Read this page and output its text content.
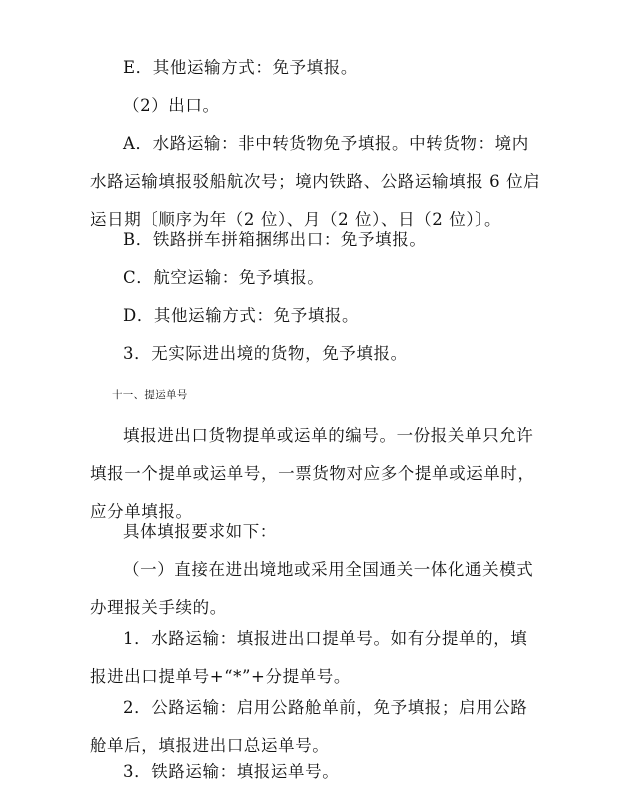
E．其他运输方式：免予填报。
（2）出口。
A．水路运输：非中转货物免予填报。中转货物：境内
水路运输填报驳船航次号；境内铁路、公路运输填报 6 位启
运日期〔顺序为年（2 位）、月（2 位）、日（2 位）〕。
B．铁路拼车拼箱捆绑出口：免予填报。
C．航空运输：免予填报。
D．其他运输方式：免予填报。
3．无实际进出境的货物，免予填报。
十一、提运单号
填报进出口货物提单或运单的编号。一份报关单只允许
填报一个提单或运单号，一票货物对应多个提单或运单时，
应分单填报。
具体填报要求如下：
（一）直接在进出境地或采用全国通关一体化通关模式
办理报关手续的。
1．水路运输：填报进出口提单号。如有分提单的，填
报进出口提单号+“*”+分提单号。
2．公路运输：启用公路舱单前，免予填报；启用公路
舱单后，填报进出口总运单号。
3．铁路运输：填报运单号。
